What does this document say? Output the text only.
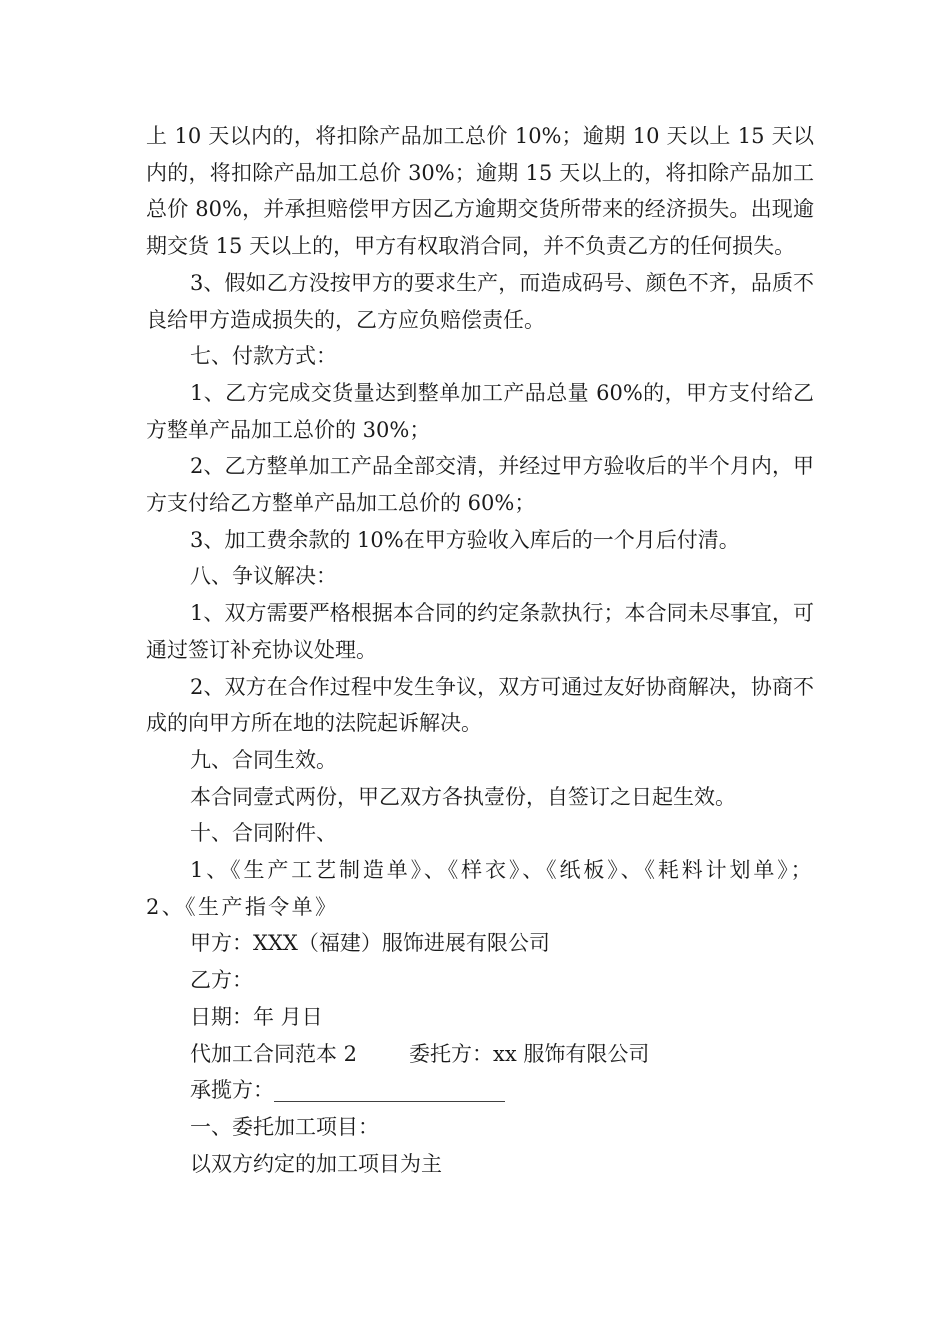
上 10 天以内的，将扣除产品加工总价 10%；逾期 10 天以上 15 天以内的，将扣除产品加工总价 30%；逾期 15 天以上的，将扣除产品加工总价 80%，并承担赔偿甲方因乙方逾期交货所带来的经济损失。出现逾期交货 15 天以上的，甲方有权取消合同，并不负责乙方的任何损失。

3、假如乙方没按甲方的要求生产，而造成码号、颜色不齐，品质不良给甲方造成损失的，乙方应负赔偿责任。

七、付款方式：

1、乙方完成交货量达到整单加工产品总量 60%的，甲方支付给乙方整单产品加工总价的 30%；

2、乙方整单加工产品全部交清，并经过甲方验收后的半个月内，甲方支付给乙方整单产品加工总价的 60%；

3、加工费余款的 10%在甲方验收入库后的一个月后付清。

八、争议解决：

1、双方需要严格根据本合同的约定条款执行；本合同未尽事宜，可通过签订补充协议处理。

2、双方在合作过程中发生争议，双方可通过友好协商解决，协商不成的向甲方所在地的法院起诉解决。

九、合同生效。

本合同壹式两份，甲乙双方各执壹份，自签订之日起生效。

十、合同附件、

1、《生产工艺制造单》、《样衣》、《纸板》、《耗料计划单》； 2、《生产指令单》

甲方：XXX（福建）服饰进展有限公司

乙方：

日期：年 月日

代加工合同范本 2 委托方：xx 服饰有限公司

承揽方：______________________

一、委托加工项目：

以双方约定的加工项目为主
